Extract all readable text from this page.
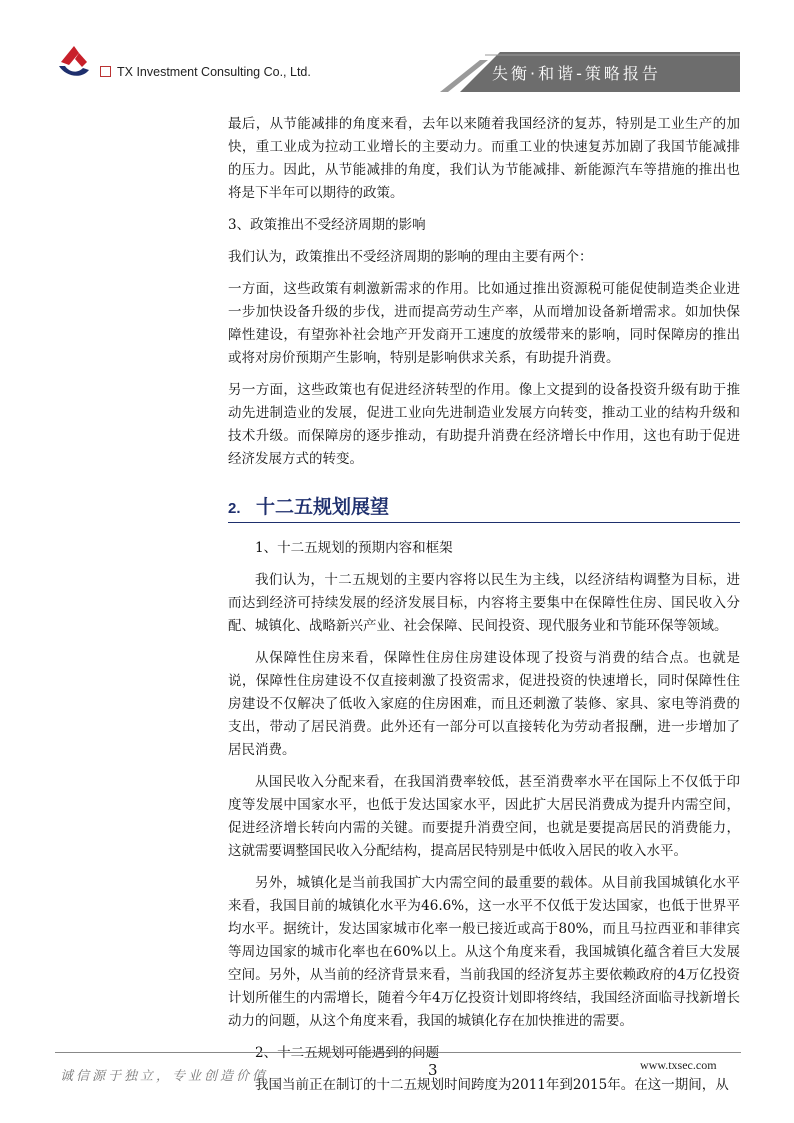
TX Investment Consulting Co., Ltd.	失衡·和谐-策略报告

最后，从节能减排的角度来看，去年以来随着我国经济的复苏，特别是工业生产的加快，重工业成为拉动工业增长的主要动力。而重工业的快速复苏加剧了我国节能减排的压力。因此，从节能减排的角度，我们认为节能减排、新能源汽车等措施的推出也将是下半年可以期待的政策。

3、政策推出不受经济周期的影响

我们认为，政策推出不受经济周期的影响的理由主要有两个：

一方面，这些政策有刺激新需求的作用。比如通过推出资源税可能促使制造类企业进一步加快设备升级的步伐，进而提高劳动生产率，从而增加设备新增需求。如加快保障性建设，有望弥补社会地产开发商开工速度的放缓带来的影响，同时保障房的推出或将对房价预期产生影响，特别是影响供求关系，有助提升消费。

另一方面，这些政策也有促进经济转型的作用。像上文提到的设备投资升级有助于推动先进制造业的发展，促进工业向先进制造业发展方向转变，推动工业的结构升级和技术升级。而保障房的逐步推动，有助提升消费在经济增长中作用，这也有助于促进经济发展方式的转变。

2. 十二五规划展望

1、十二五规划的预期内容和框架

我们认为，十二五规划的主要内容将以民生为主线，以经济结构调整为目标，进而达到经济可持续发展的经济发展目标，内容将主要集中在保障性住房、国民收入分配、城镇化、战略新兴产业、社会保障、民间投资、现代服务业和节能环保等领域。

从保障性住房来看，保障性住房住房建设体现了投资与消费的结合点。也就是说，保障性住房建设不仅直接刺激了投资需求，促进投资的快速增长，同时保障性住房建设不仅解决了低收入家庭的住房困难，而且还刺激了装修、家具、家电等消费的支出，带动了居民消费。此外还有一部分可以直接转化为劳动者报酬，进一步增加了居民消费。

从国民收入分配来看，在我国消费率较低，甚至消费率水平在国际上不仅低于印度等发展中国家水平，也低于发达国家水平，因此扩大居民消费成为提升内需空间，促进经济增长转向内需的关键。而要提升消费空间，也就是要提高居民的消费能力，这就需要调整国民收入分配结构，提高居民特别是中低收入居民的收入水平。

另外，城镇化是当前我国扩大内需空间的最重要的载体。从目前我国城镇化水平来看，我国目前的城镇化水平为46.6%，这一水平不仅低于发达国家，也低于世界平均水平。据统计，发达国家城市化率一般已接近或高于80%，而且马拉西亚和菲律宾等周边国家的城市化率也在60%以上。从这个角度来看，我国城镇化蕴含着巨大发展空间。另外，从当前的经济背景来看，当前我国的经济复苏主要依赖政府的4万亿投资计划所催生的内需增长，随着今年4万亿投资计划即将终结，我国经济面临寻找新增长动力的问题，从这个角度来看，我国的城镇化存在加快推进的需要。

2、十二五规划可能遇到的问题

我国当前正在制订的十二五规划时间跨度为2011年到2015年。在这一期间，从

诚信源于独立，专业创造价值	3	www.txsec.com
